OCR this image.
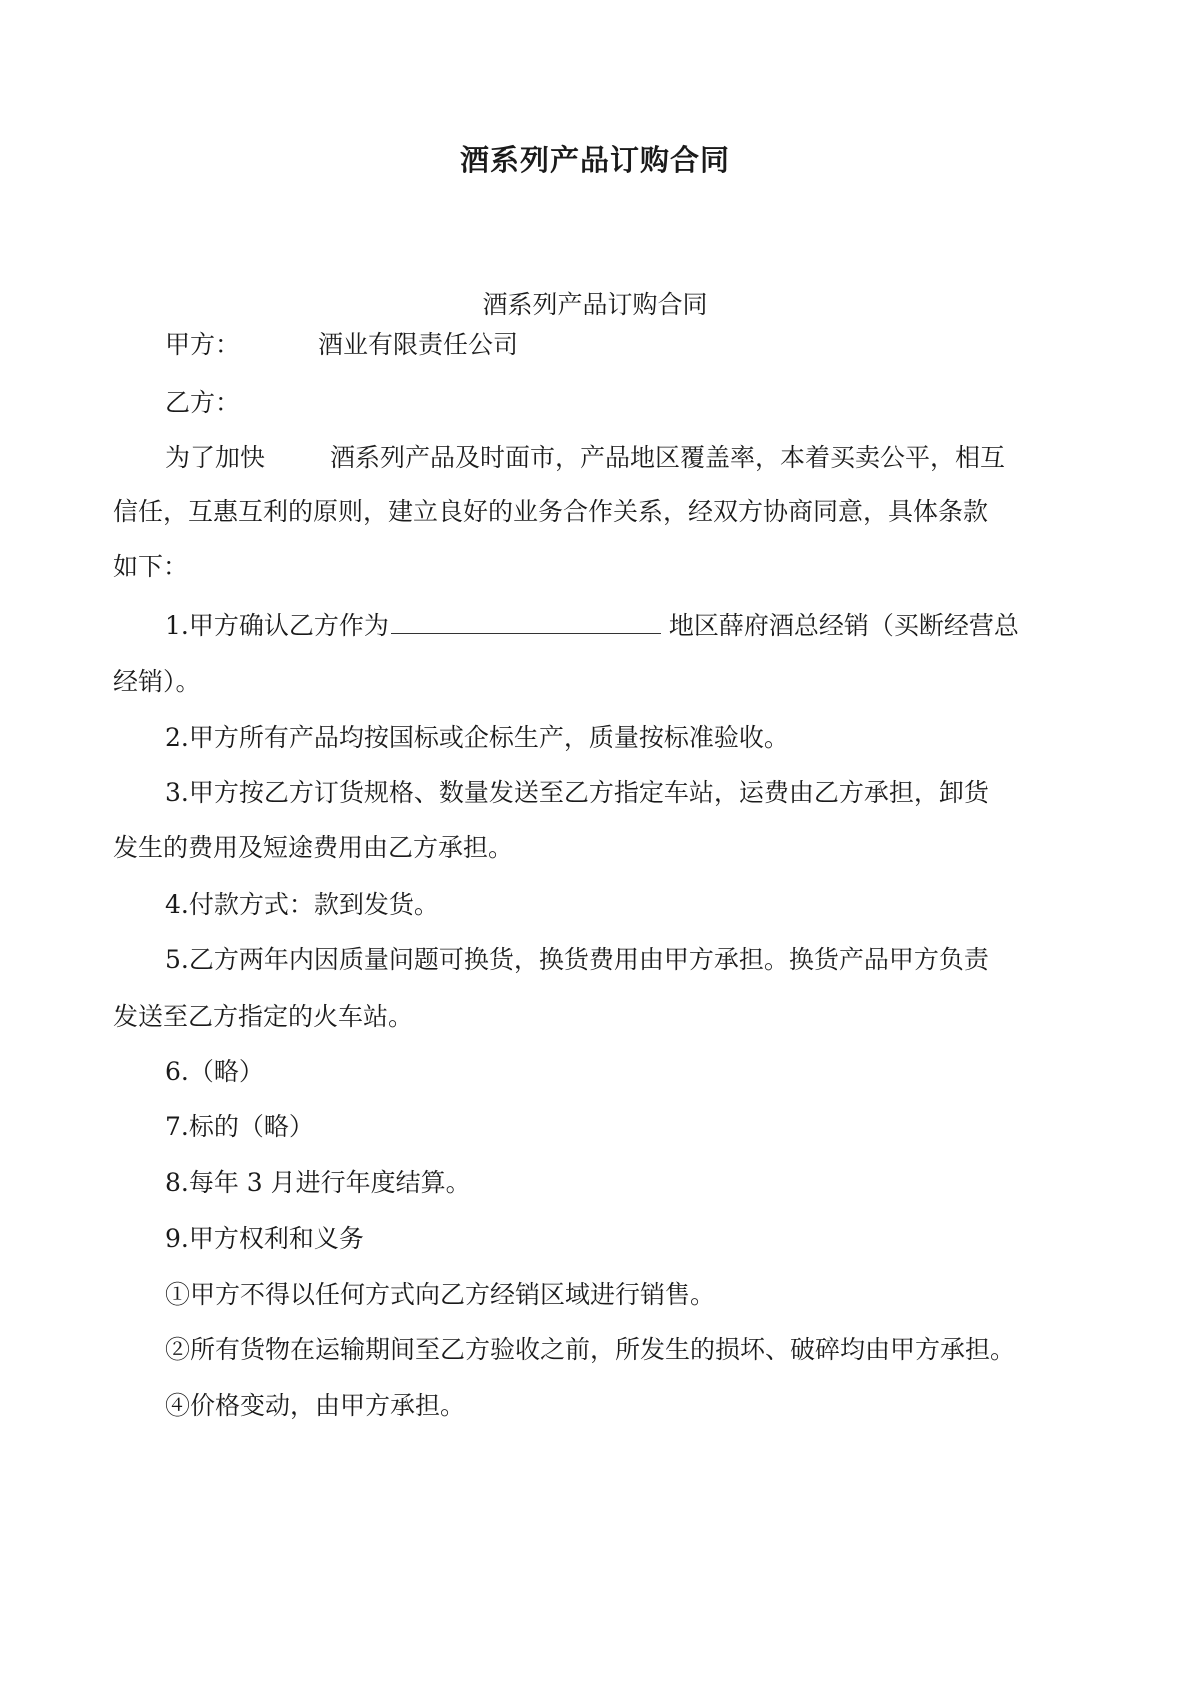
酒系列产品订购合同
酒系列产品订购合同
甲方：	酒业有限责任公司
乙方：
为了加快	酒系列产品及时面市，产品地区覆盖率，本着买卖公平，相互
信任，互惠互利的原则，建立良好的业务合作关系，经双方协商同意，具体条款
如下：
1.甲方确认乙方作为	地区薛府酒总经销（买断经营总
经销）。
2.甲方所有产品均按国标或企标生产，质量按标准验收。
3.甲方按乙方订货规格、数量发送至乙方指定车站，运费由乙方承担，卸货
发生的费用及短途费用由乙方承担。
4.付款方式：款到发货。
5.乙方两年内因质量问题可换货，换货费用由甲方承担。换货产品甲方负责
发送至乙方指定的火车站。
6.（略）
7.标的（略）
8.每年 3 月进行年度结算。
9.甲方权利和义务
①甲方不得以任何方式向乙方经销区域进行销售。
②所有货物在运输期间至乙方验收之前，所发生的损坏、破碎均由甲方承担。
④价格变动，由甲方承担。
